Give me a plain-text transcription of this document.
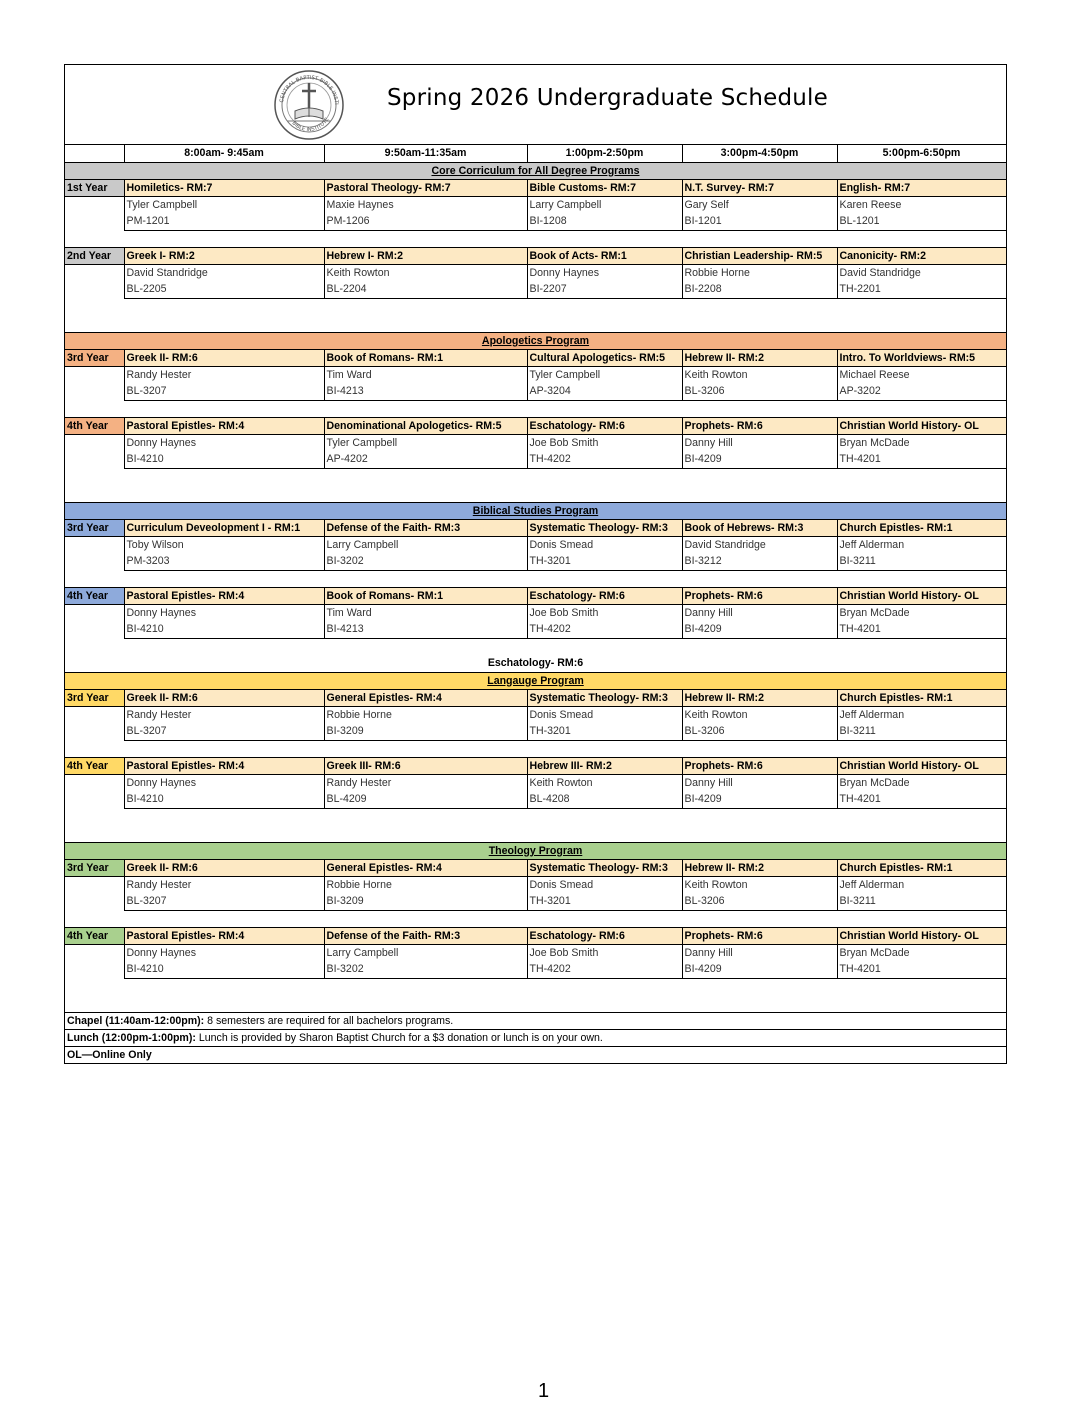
CENTRAL BAPTIST BIBLE INSTI
BIBLE INSTITUTE
Spring 2026 Undergraduate Schedule
	8:00am- 9:45am	9:50am-11:35am	1:00pm-2:50pm	3:00pm-4:50pm	5:00pm-6:50pm
Core Corriculum for All Degree Programs					
1st Year	Homiletics- RM:7	Pastoral Theology- RM:7	Bible Customs- RM:7	N.T. Survey- RM:7	English- RM:7
	Tyler Campbell	Maxie Haynes	Larry Campbell	Gary Self	Karen Reese
	PM-1201	PM-1206	BI-1208	BI-1201	BL-1201

2nd Year	Greek I- RM:2	Hebrew I- RM:2	Book of Acts- RM:1	Christian Leadership- RM:5	Canonicity- RM:2
	David Standridge	Keith Rowton	Donny Haynes	Robbie Horne	David Standridge
	BL-2205	BL-2204	BI-2207	BI-2208	TH-2201

Apologetics Program					
3rd Year	Greek II- RM:6	Book of Romans- RM:1	Cultural Apologetics- RM:5	Hebrew II- RM:2	Intro. To Worldviews- RM:5
	Randy Hester	Tim Ward	Tyler Campbell	Keith Rowton	Michael Reese
	BL-3207	BI-4213	AP-3204	BL-3206	AP-3202

4th Year	Pastoral Epistles- RM:4	Denominational Apologetics- RM:5	Eschatology- RM:6	Prophets- RM:6	Christian World History- OL
	Donny Haynes	Tyler Campbell	Joe Bob Smith	Danny Hill	Bryan McDade
	BI-4210	AP-4202	TH-4202	BI-4209	TH-4201

Biblical Studies Program					
3rd Year	Curriculum Deveolopment I - RM:1	Defense of the Faith- RM:3	Systematic Theology- RM:3	Book of Hebrews- RM:3	Church Epistles- RM:1
	Toby Wilson	Larry Campbell	Donis Smead	David Standridge	Jeff Alderman
	PM-3203	BI-3202	TH-3201	BI-3212	BI-3211

4th Year	Pastoral Epistles- RM:4	Book of Romans- RM:1	Eschatology- RM:6	Prophets- RM:6	Christian World History- OL
	Donny Haynes	Tim Ward	Joe Bob Smith	Danny Hill	Bryan McDade
	BI-4210	BI-4213	TH-4202	BI-4209	TH-4201

Eschatology- RM:6					
Langauge Program					
3rd Year	Greek II- RM:6	General Epistles- RM:4	Systematic Theology- RM:3	Hebrew II- RM:2	Church Epistles- RM:1
	Randy Hester	Robbie Horne	Donis Smead	Keith Rowton	Jeff Alderman
	BL-3207	BI-3209	TH-3201	BL-3206	BI-3211

4th Year	Pastoral Epistles- RM:4	Greek III- RM:6	Hebrew III- RM:2	Prophets- RM:6	Christian World History- OL
	Donny Haynes	Randy Hester	Keith Rowton	Danny Hill	Bryan McDade
	BI-4210	BL-4209	BL-4208	BI-4209	TH-4201

Theology Program					
3rd Year	Greek II- RM:6	General Epistles- RM:4	Systematic Theology- RM:3	Hebrew II- RM:2	Church Epistles- RM:1
	Randy Hester	Robbie Horne	Donis Smead	Keith Rowton	Jeff Alderman
	BL-3207	BI-3209	TH-3201	BL-3206	BI-3211

4th Year	Pastoral Epistles- RM:4	Defense of the Faith- RM:3	Eschatology- RM:6	Prophets- RM:6	Christian World History- OL
	Donny Haynes	Larry Campbell	Joe Bob Smith	Danny Hill	Bryan McDade
	BI-4210	BI-3202	TH-4202	BI-4209	TH-4201

Chapel (11:40am-12:00pm): 8 semesters are required for all bachelors programs.					
Lunch (12:00pm-1:00pm): Lunch is provided by Sharon Baptist Church for a $3 donation or lunch is on your own.					
OL—Online Only					
1
